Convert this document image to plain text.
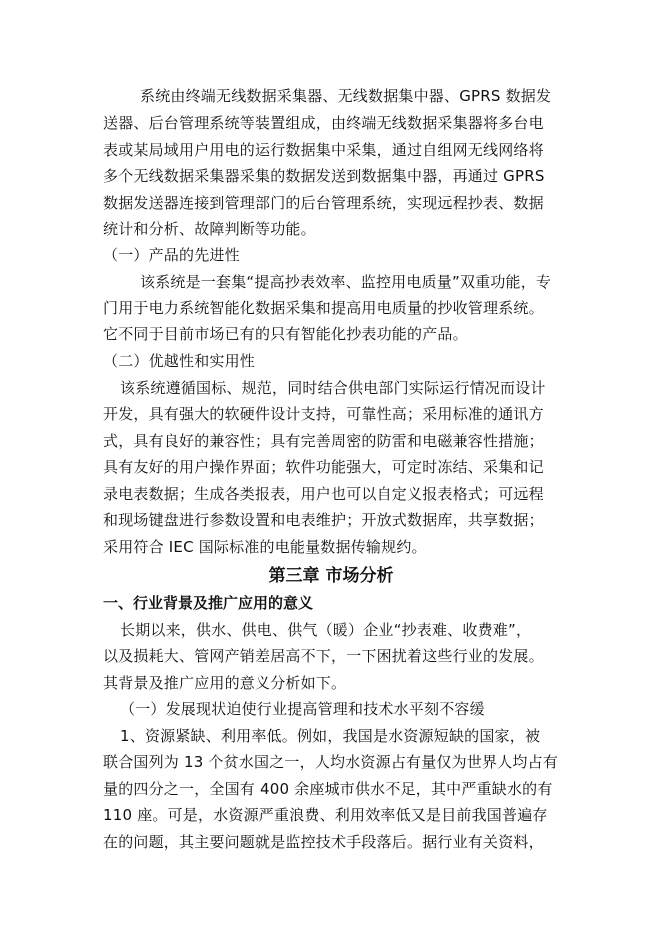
系统由终端无线数据采集器、无线数据集中器、GPRS 数据发
送器、后台管理系统等装置组成，由终端无线数据采集器将多台电
表或某局域用户用电的运行数据集中采集，通过自组网无线网络将
多个无线数据采集器采集的数据发送到数据集中器，再通过 GPRS
数据发送器连接到管理部门的后台管理系统，实现远程抄表、数据
统计和分析、故障判断等功能。
（一）产品的先进性
该系统是一套集“提高抄表效率、监控用电质量”双重功能，专
门用于电力系统智能化数据采集和提高用电质量的抄收管理系统。
它不同于目前市场已有的只有智能化抄表功能的产品。
（二）优越性和实用性
该系统遵循国标、规范，同时结合供电部门实际运行情况而设计
开发，具有强大的软硬件设计支持，可靠性高；采用标准的通讯方
式，具有良好的兼容性；具有完善周密的防雷和电磁兼容性措施；
具有友好的用户操作界面；软件功能强大，可定时冻结、采集和记
录电表数据；生成各类报表，用户也可以自定义报表格式；可远程
和现场键盘进行参数设置和电表维护；开放式数据库，共享数据；
采用符合 IEC 国际标准的电能量数据传输规约。
第三章 市场分析
一、行业背景及推广应用的意义
长期以来，供水、供电、供气（暖）企业“抄表难、收费难”，
以及损耗大、管网产销差居高不下，一下困扰着这些行业的发展。
其背景及推广应用的意义分析如下。
（一）发展现状迫使行业提高管理和技术水平刻不容缓
1、资源紧缺、利用率低。例如，我国是水资源短缺的国家，被
联合国列为 13 个贫水国之一，人均水资源占有量仅为世界人均占有
量的四分之一，全国有 400 余座城市供水不足，其中严重缺水的有
110 座。可是，水资源严重浪费、利用效率低又是目前我国普遍存
在的问题，其主要问题就是监控技术手段落后。据行业有关资料，
